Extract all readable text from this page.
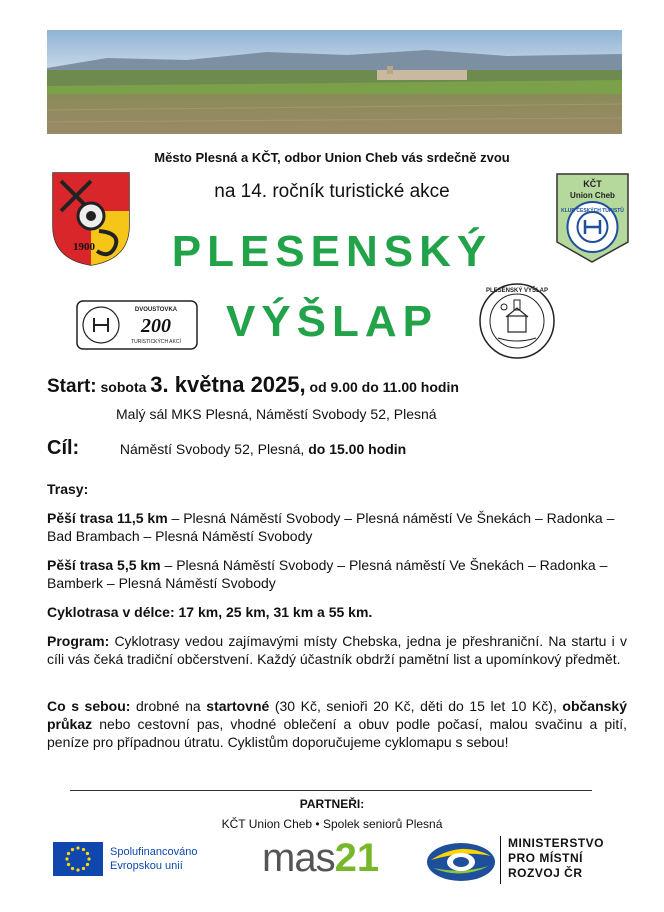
Město Plesná a KČT, odbor Union Cheb vás srdečně zvou
na 14. ročník turistické akce
1900
KČT
Union Cheb
KLUB ČESKÝCH TURISTŮ
PLESENSKÝ
VÝŠLAP
DVOUSTOVKA
200
TURISTICKÝCH AKCÍ
PLESENSKÝ VÝŠLAP
Start: sobota 3. května 2025, od 9.00 do 11.00 hodin
Malý sál MKS Plesná, Náměstí Svobody 52, Plesná
Cíl:	Náměstí Svobody 52, Plesná, do 15.00 hodin
Trasy:
Pěší trasa 11,5 km – Plesná Náměstí Svobody – Plesná náměstí Ve Šnekách – Radonka – Bad Brambach – Plesná Náměstí Svobody
Pěší trasa 5,5 km – Plesná Náměstí Svobody – Plesná náměstí Ve Šnekách – Radonka – Bamberk – Plesná Náměstí Svobody
Cyklotrasa v délce: 17 km, 25 km, 31 km a 55 km.
Program: Cyklotrasy vedou zajímavými místy Chebska, jedna je přeshraniční. Na startu i v cíli vás čeká tradiční občerstvení. Každý účastník obdrží pamětní list a upomínkový předmět.
Co s sebou: drobné na startovné (30 Kč, senioři 20 Kč, děti do 15 let 10 Kč), občanský průkaz nebo cestovní pas, vhodné oblečení a obuv podle počasí, malou svačinu a pití, peníze pro případnou útratu. Cyklistům doporučujeme cyklomapu s sebou!
PARTNEŘI:
KČT Union Cheb • Spolek seniorů Plesná
Spolufinancováno
Evropskou unií	mas21	MINISTERSTVO
PRO MÍSTNÍ
ROZVOJ ČR
